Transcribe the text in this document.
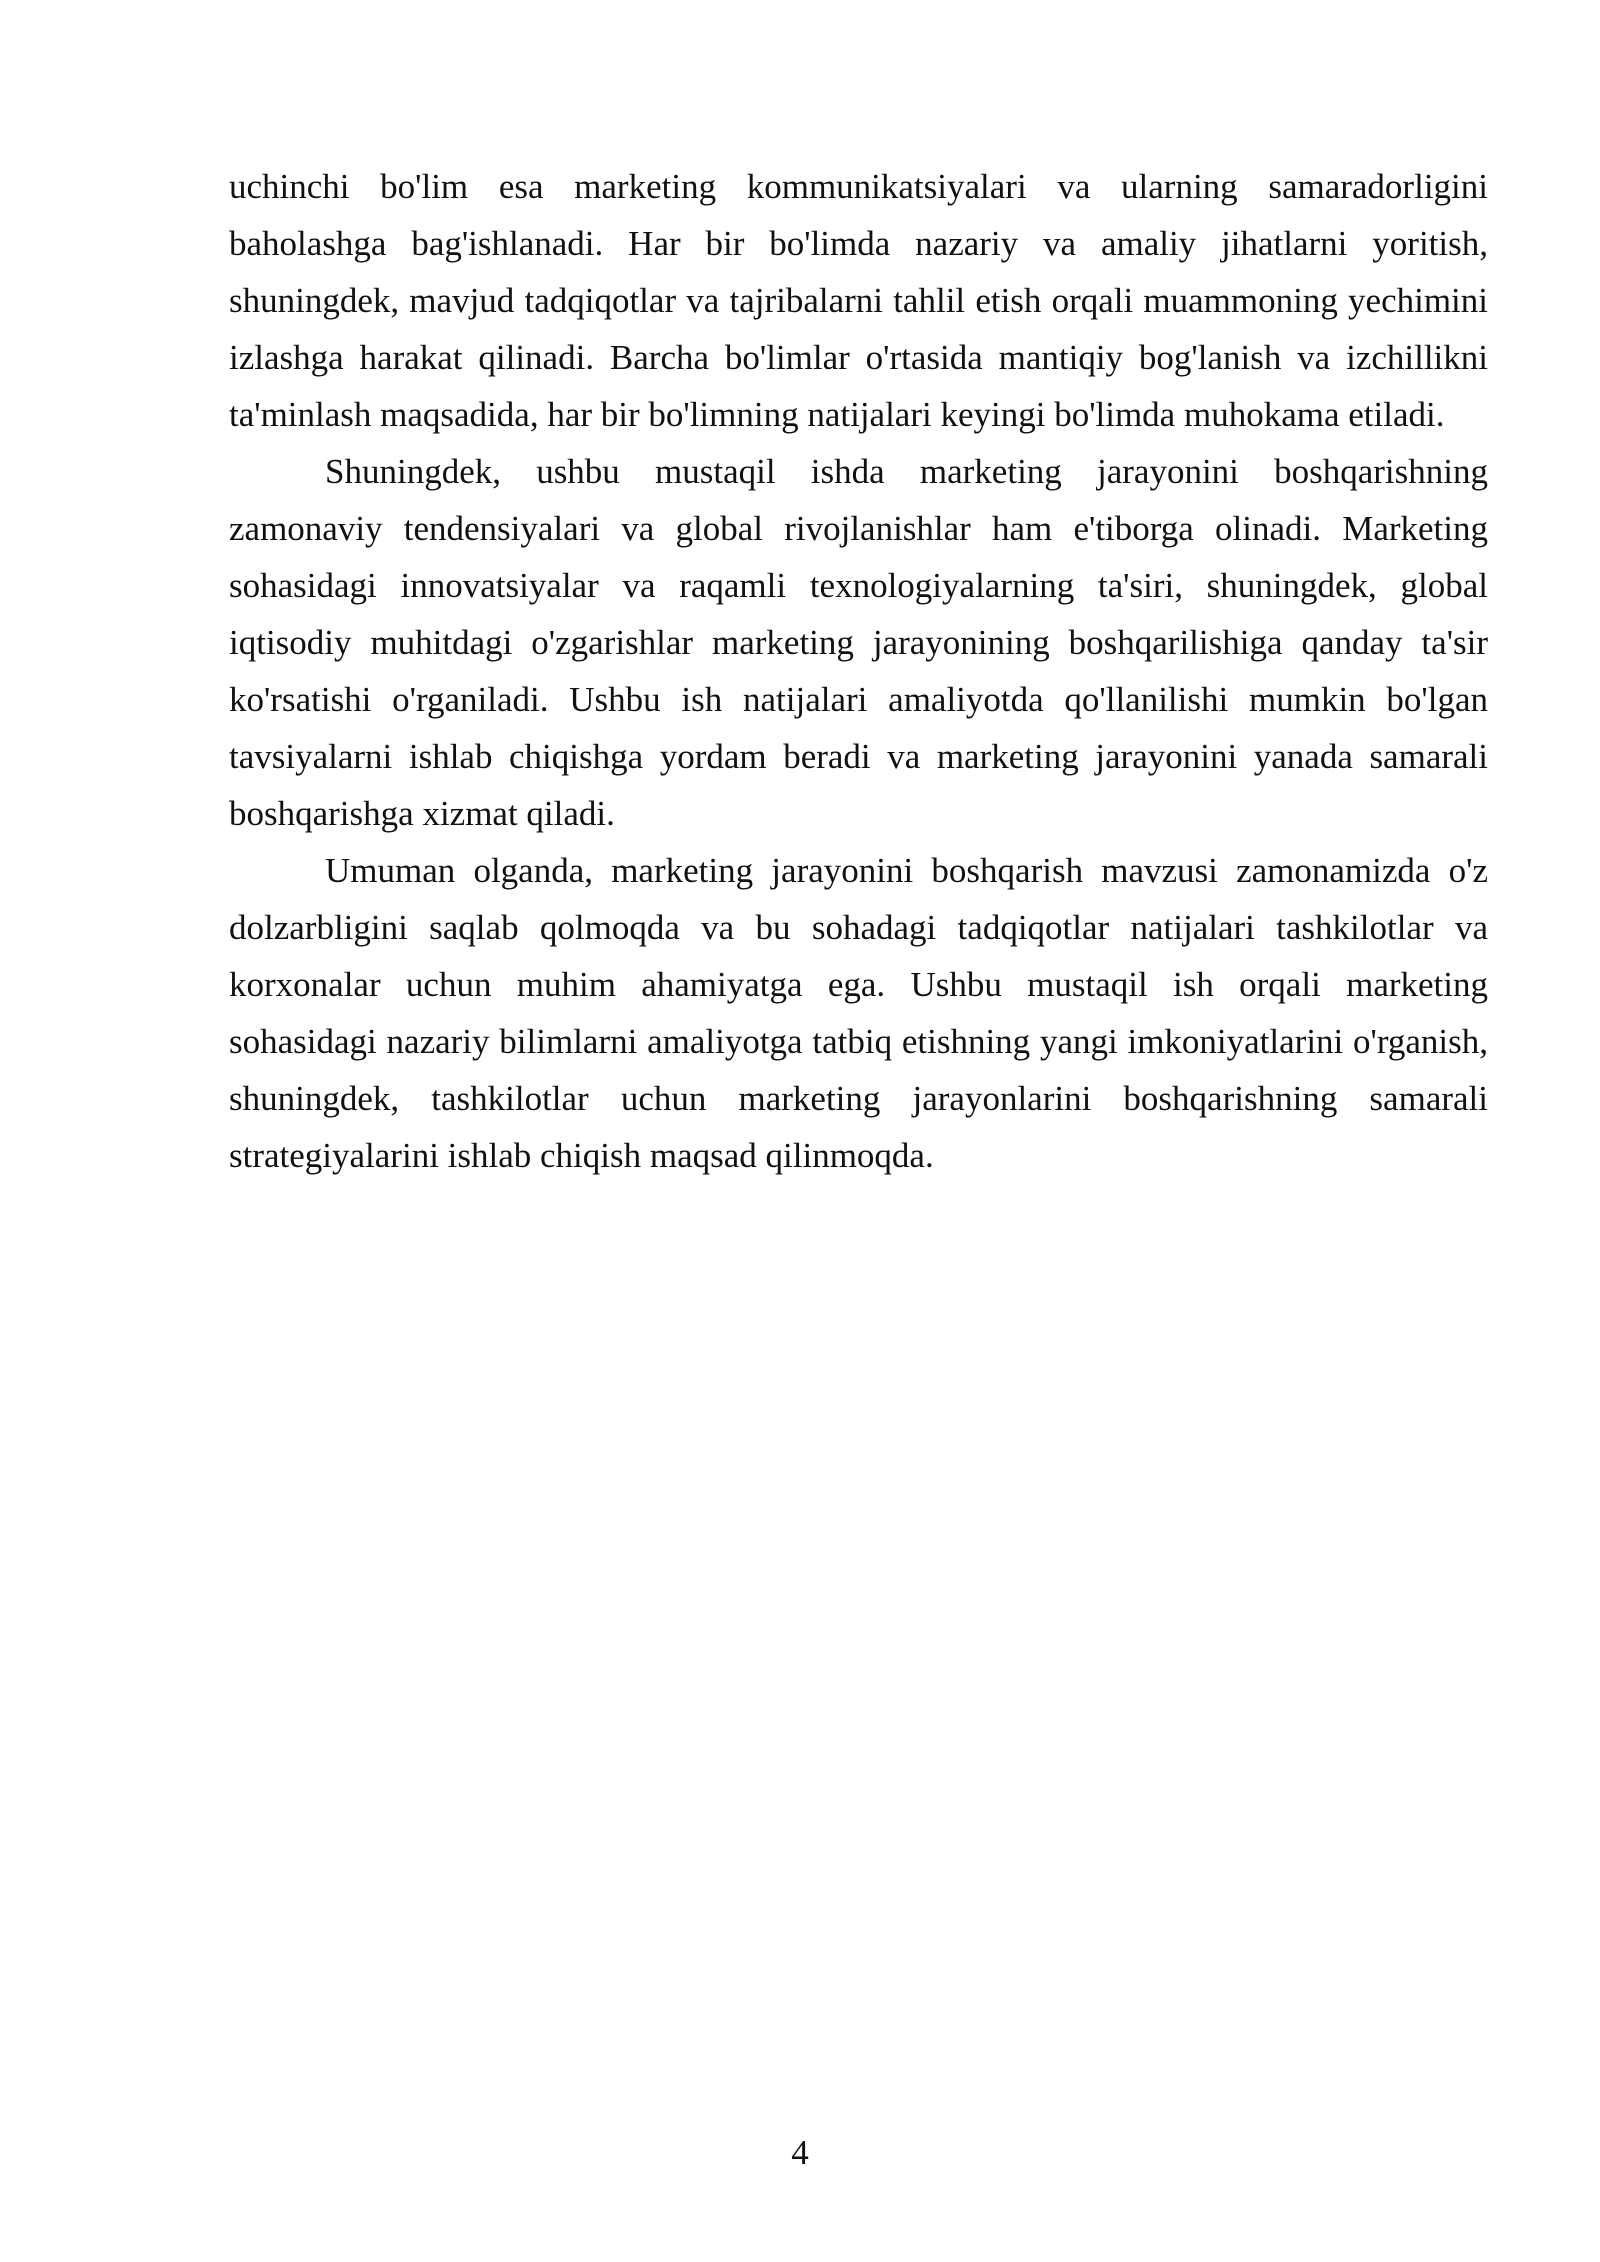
uchinchi bo'lim esa marketing kommunikatsiyalari va ularning samaradorligini baholashga bag'ishlanadi. Har bir bo'limda nazariy va amaliy jihatlarni yoritish, shuningdek, mavjud tadqiqotlar va tajribalarni tahlil etish orqali muammoning yechimini izlashga harakat qilinadi. Barcha bo'limlar o'rtasida mantiqiy bog'lanish va izchillikni ta'minlash maqsadida, har bir bo'limning natijalari keyingi bo'limda muhokama etiladi.

Shuningdek, ushbu mustaqil ishda marketing jarayonini boshqarishning zamonaviy tendensiyalari va global rivojlanishlar ham e'tiborga olinadi. Marketing sohasidagi innovatsiyalar va raqamli texnologiyalarning ta'siri, shuningdek, global iqtisodiy muhitdagi o'zgarishlar marketing jarayonining boshqarilishiga qanday ta'sir ko'rsatishi o'rganiladi. Ushbu ish natijalari amaliyotda qo'llanilishi mumkin bo'lgan tavsiyalarni ishlab chiqishga yordam beradi va marketing jarayonini yanada samarali boshqarishga xizmat qiladi.

Umuman olganda, marketing jarayonini boshqarish mavzusi zamonamizda o'z dolzarbligini saqlab qolmoqda va bu sohadagi tadqiqotlar natijalari tashkilotlar va korxonalar uchun muhim ahamiyatga ega. Ushbu mustaqil ish orqali marketing sohasidagi nazariy bilimlarni amaliyotga tatbiq etishning yangi imkoniyatlarini o'rganish, shuningdek, tashkilotlar uchun marketing jarayonlarini boshqarishning samarali strategiyalarini ishlab chiqish maqsad qilinmoqda.

4
